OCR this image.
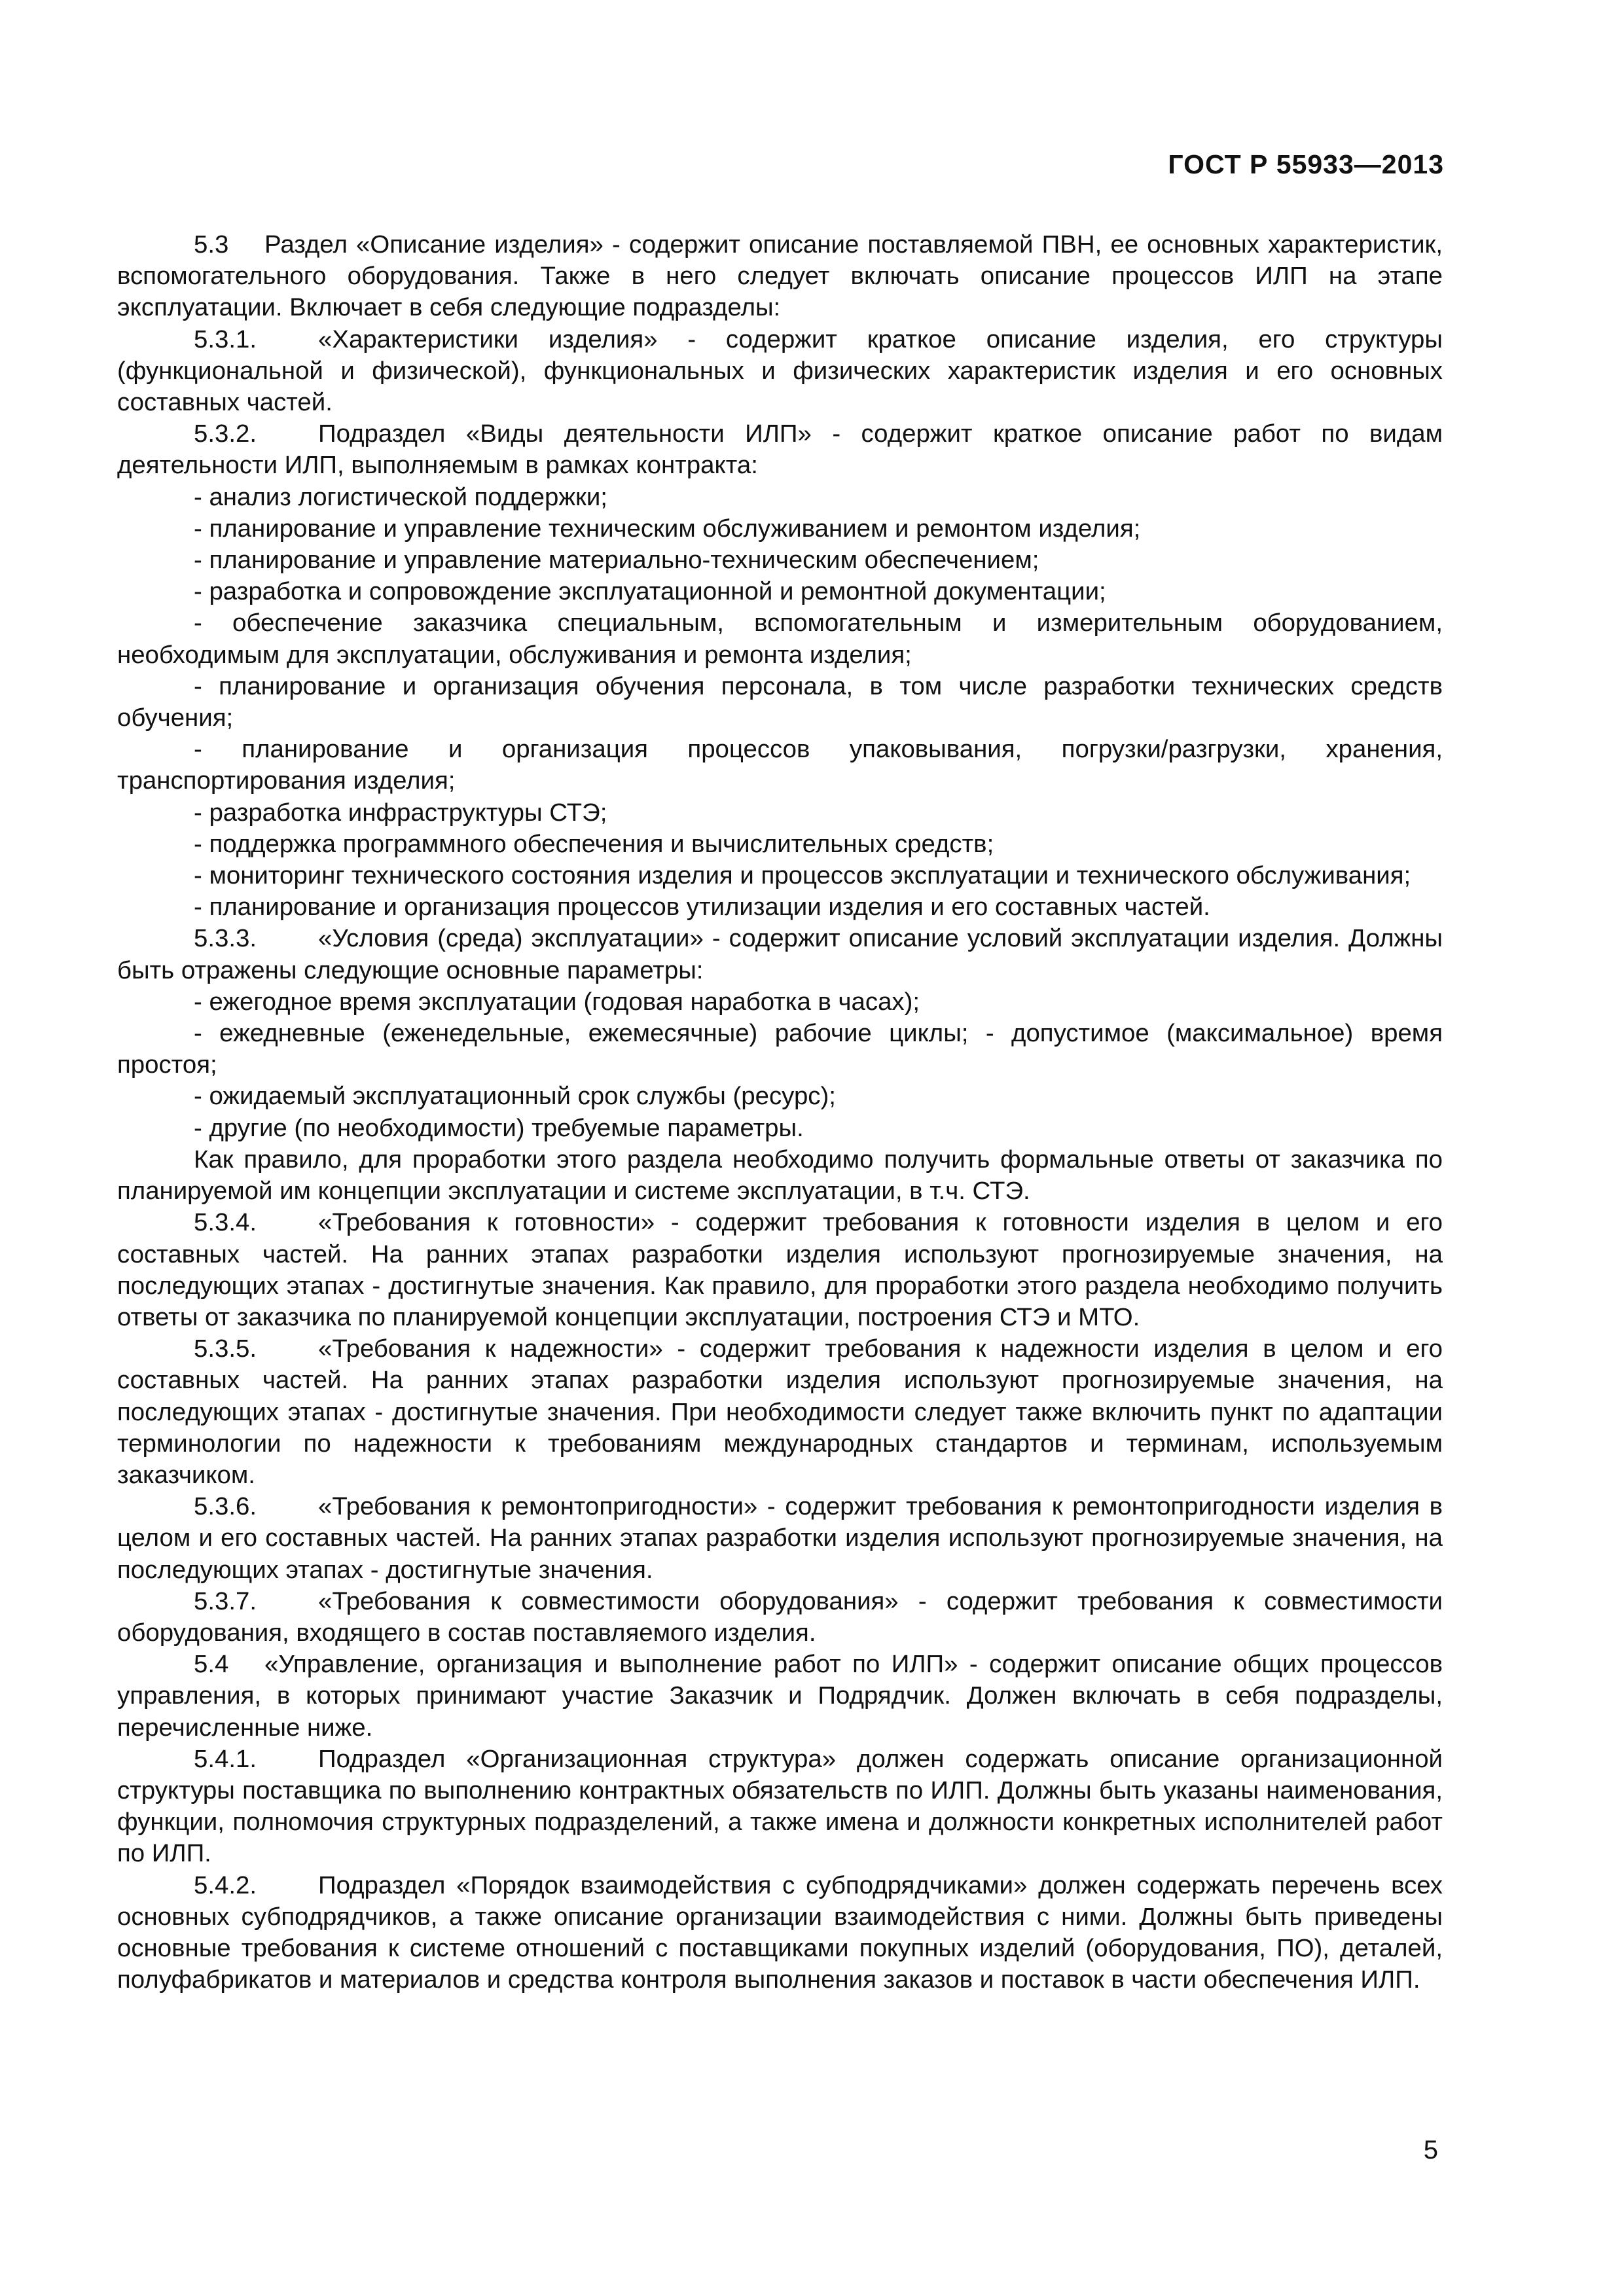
ГОСТ Р 55933—2013

5.3 Раздел «Описание изделия» - содержит описание поставляемой ПВН, ее основных характеристик, вспомогательного оборудования. Также в него следует включать описание процессов ИЛП на этапе эксплуатации. Включает в себя следующие подразделы:

5.3.1. «Характеристики изделия» - содержит краткое описание изделия, его структуры (функциональной и физической), функциональных и физических характеристик изделия и его основных составных частей.

5.3.2. Подраздел «Виды деятельности ИЛП» - содержит краткое описание работ по видам деятельности ИЛП, выполняемым в рамках контракта:

- анализ логистической поддержки;

- планирование и управление техническим обслуживанием и ремонтом изделия;

- планирование и управление материально-техническим обеспечением;

- разработка и сопровождение эксплуатационной и ремонтной документации;

- обеспечение заказчика специальным, вспомогательным и измерительным оборудованием, необходимым для эксплуатации, обслуживания и ремонта изделия;

- планирование и организация обучения персонала, в том числе разработки технических средств обучения;

- планирование и организация процессов упаковывания, погрузки/разгрузки, хранения, транспортирования изделия;

- разработка инфраструктуры СТЭ;

- поддержка программного обеспечения и вычислительных средств;

- мониторинг технического состояния изделия и процессов эксплуатации и технического обслуживания;

- планирование и организация процессов утилизации изделия и его составных частей.

5.3.3. «Условия (среда) эксплуатации» - содержит описание условий эксплуатации изделия. Должны быть отражены следующие основные параметры:

- ежегодное время эксплуатации (годовая наработка в часах);

- ежедневные (еженедельные, ежемесячные) рабочие циклы; - допустимое (максимальное) время простоя;

- ожидаемый эксплуатационный срок службы (ресурс);

- другие (по необходимости) требуемые параметры.

Как правило, для проработки этого раздела необходимо получить формальные ответы от заказчика по планируемой им концепции эксплуатации и системе эксплуатации, в т.ч. СТЭ.

5.3.4. «Требования к готовности» - содержит требования к готовности изделия в целом и его составных частей. На ранних этапах разработки изделия используют прогнозируемые значения, на последующих этапах - достигнутые значения. Как правило, для проработки этого раздела необходимо получить ответы от заказчика по планируемой концепции эксплуатации, построения СТЭ и МТО.

5.3.5. «Требования к надежности» - содержит требования к надежности изделия в целом и его составных частей. На ранних этапах разработки изделия используют прогнозируемые значения, на последующих этапах - достигнутые значения. При необходимости следует также включить пункт по адаптации терминологии по надежности к требованиям международных стандартов и терминам, используемым заказчиком.

5.3.6. «Требования к ремонтопригодности» - содержит требования к ремонтопригодности изделия в целом и его составных частей. На ранних этапах разработки изделия используют прогнозируемые значения, на последующих этапах - достигнутые значения.

5.3.7. «Требования к совместимости оборудования» - содержит требования к совместимости оборудования, входящего в состав поставляемого изделия.

5.4 «Управление, организация и выполнение работ по ИЛП» - содержит описание общих процессов управления, в которых принимают участие Заказчик и Подрядчик. Должен включать в себя подразделы, перечисленные ниже.

5.4.1. Подраздел «Организационная структура» должен содержать описание организационной структуры поставщика по выполнению контрактных обязательств по ИЛП. Должны быть указаны наименования, функции, полномочия структурных подразделений, а также имена и должности конкретных исполнителей работ по ИЛП.

5.4.2. Подраздел «Порядок взаимодействия с субподрядчиками» должен содержать перечень всех основных субподрядчиков, а также описание организации взаимодействия с ними. Должны быть приведены основные требования к системе отношений с поставщиками покупных изделий (оборудования, ПО), деталей, полуфабрикатов и материалов и средства контроля выполнения заказов и поставок в части обеспечения ИЛП.

5
